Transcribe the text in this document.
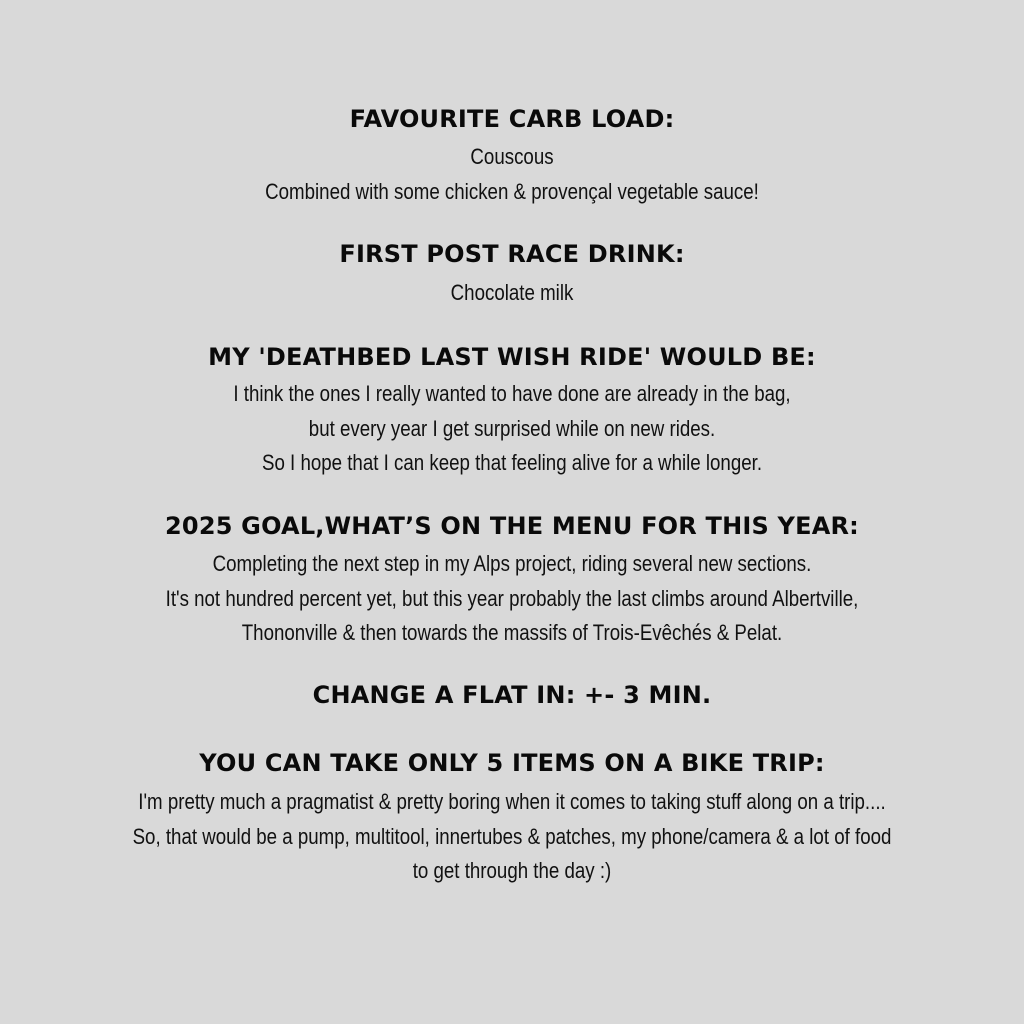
FAVOURITE CARB LOAD:
Couscous
Combined with some chicken & provençal vegetable sauce!
FIRST POST RACE DRINK:
Chocolate milk
MY 'DEATHBED LAST WISH RIDE' WOULD BE:
I think the ones I really wanted to have done are already in the bag,
but every year I get surprised while on new rides.
So I hope that I can keep that feeling alive for a while longer.
2025 GOAL,WHAT’S ON THE MENU FOR THIS YEAR:
Completing the next step in my Alps project, riding several new sections.
It's not hundred percent yet, but this year probably the last climbs around Albertville,
Thononville & then towards the massifs of Trois-Evêchés & Pelat.
CHANGE A FLAT IN: +- 3 MIN.
YOU CAN TAKE ONLY 5 ITEMS ON A BIKE TRIP:
I'm pretty much a pragmatist & pretty boring when it comes to taking stuff along on a trip....
So, that would be a pump, multitool, innertubes & patches, my phone/camera & a lot of food
to get through the day :)
